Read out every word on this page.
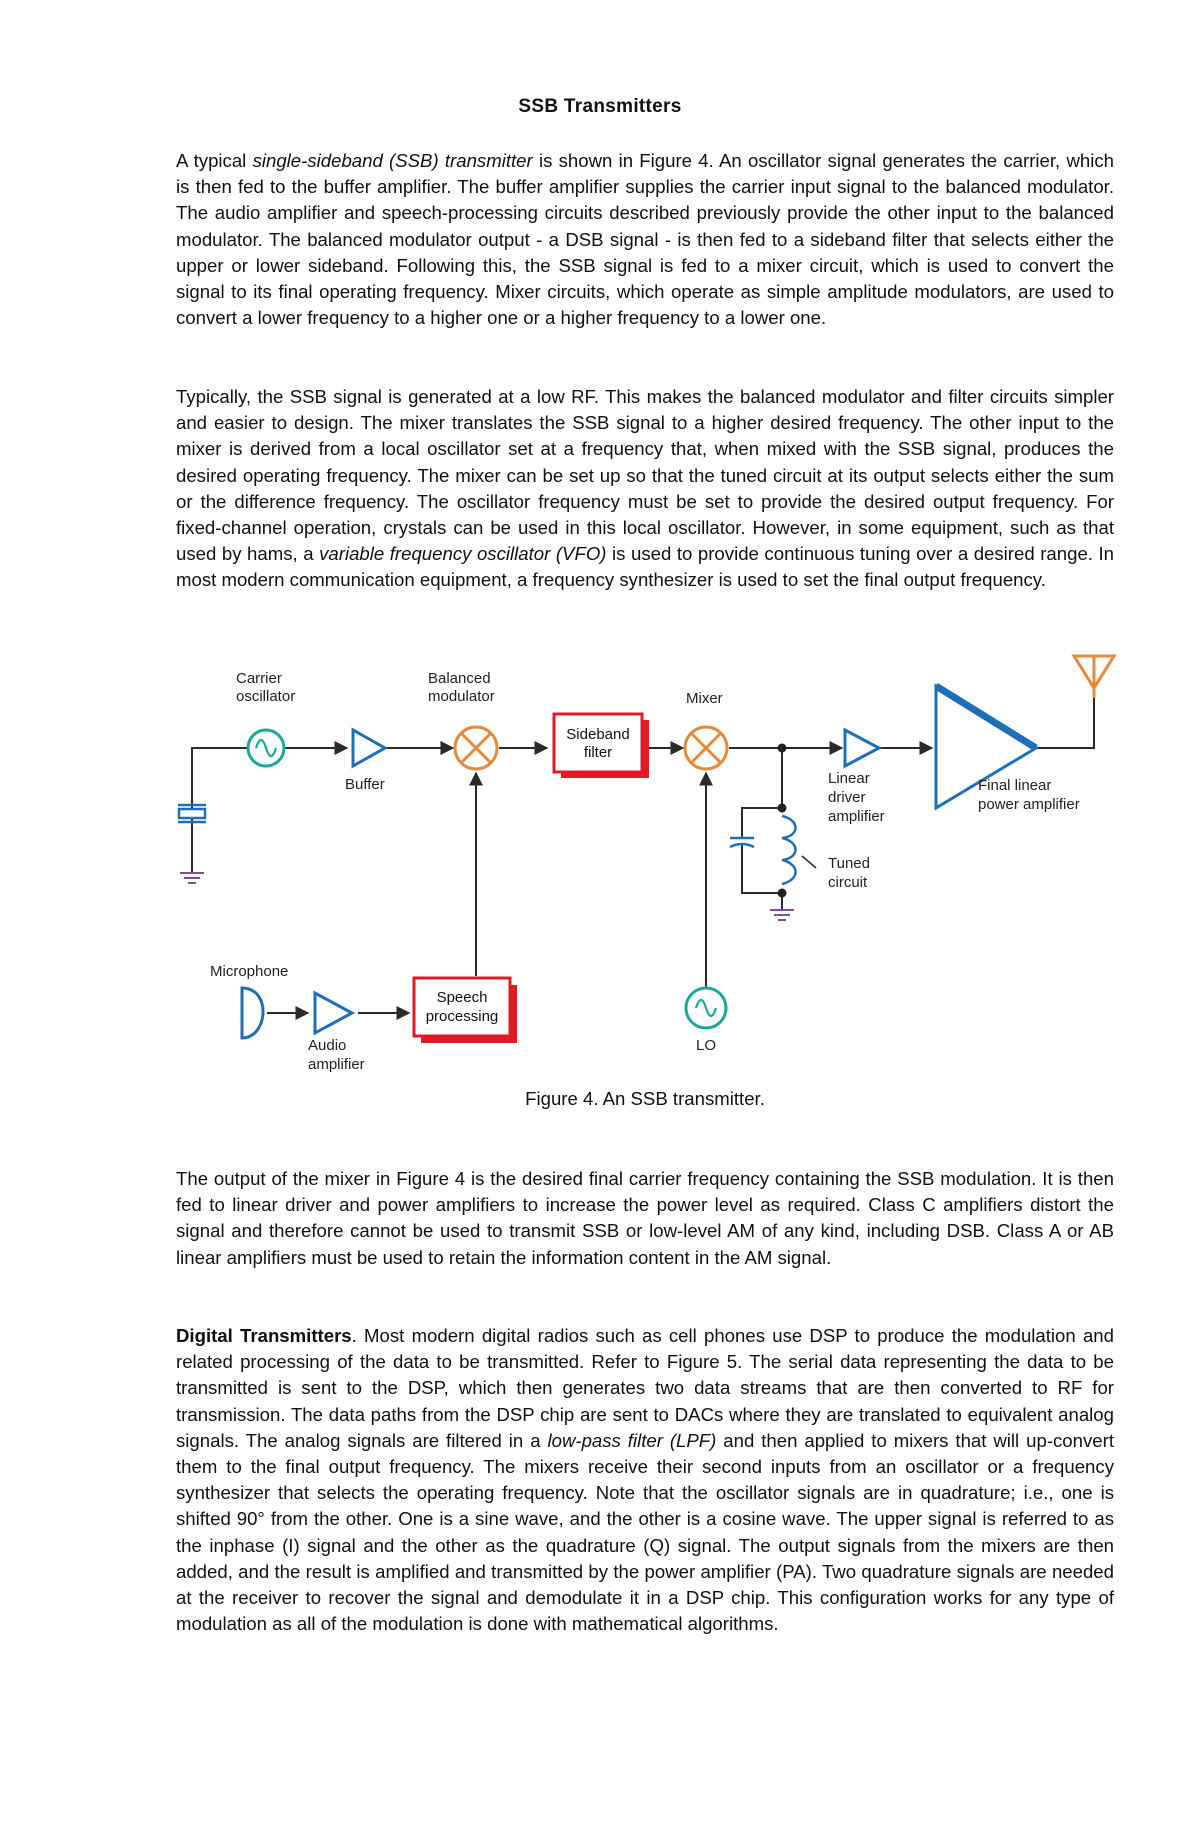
SSB Transmitters

A typical single-sideband (SSB) transmitter is shown in Figure 4. An oscillator signal generates the carrier, which is then fed to the buffer amplifier. The buffer amplifier supplies the carrier input signal to the balanced modulator. The audio amplifier and speech-processing circuits described previously provide the other input to the balanced modulator. The balanced modulator output - a DSB signal - is then fed to a sideband filter that selects either the upper or lower sideband. Following this, the SSB signal is fed to a mixer circuit, which is used to convert the signal to its final operating frequency. Mixer circuits, which operate as simple amplitude modulators, are used to convert a lower frequency to a higher one or a higher frequency to a lower one.

Typically, the SSB signal is generated at a low RF. This makes the balanced modulator and filter circuits simpler and easier to design. The mixer translates the SSB signal to a higher desired frequency. The other input to the mixer is derived from a local oscillator set at a frequency that, when mixed with the SSB signal, produces the desired operating frequency. The mixer can be set up so that the tuned circuit at its output selects either the sum or the difference frequency. The oscillator frequency must be set to provide the desired output frequency. For fixed-channel operation, crystals can be used in this local oscillator. However, in some equipment, such as that used by hams, a variable frequency oscillator (VFO) is used to provide continuous tuning over a desired range. In most modern communication equipment, a frequency synthesizer is used to set the final output frequency.

Carrier
oscillator
Buffer
Balanced
modulator
Sideband
filter
Mixer
Linear
driver
amplifier
Final linear
power amplifier
Tuned
circuit
Microphone
Audio
amplifier
Speech
processing
LO
Figure 4. An SSB transmitter.

The output of the mixer in Figure 4 is the desired final carrier frequency containing the SSB modulation. It is then fed to linear driver and power amplifiers to increase the power level as required. Class C amplifiers distort the signal and therefore cannot be used to transmit SSB or low-level AM of any kind, including DSB. Class A or AB linear amplifiers must be used to retain the information content in the AM signal.

Digital Transmitters. Most modern digital radios such as cell phones use DSP to produce the modulation and related processing of the data to be transmitted. Refer to Figure 5. The serial data representing the data to be transmitted is sent to the DSP, which then generates two data streams that are then converted to RF for transmission. The data paths from the DSP chip are sent to DACs where they are translated to equivalent analog signals. The analog signals are filtered in a low-pass filter (LPF) and then applied to mixers that will up-convert them to the final output frequency. The mixers receive their second inputs from an oscillator or a frequency synthesizer that selects the operating frequency. Note that the oscillator signals are in quadrature; i.e., one is shifted 90° from the other. One is a sine wave, and the other is a cosine wave. The upper signal is referred to as the inphase (I) signal and the other as the quadrature (Q) signal. The output signals from the mixers are then added, and the result is amplified and transmitted by the power amplifier (PA). Two quadrature signals are needed at the receiver to recover the signal and demodulate it in a DSP chip. This configuration works for any type of modulation as all of the modulation is done with mathematical algorithms.
